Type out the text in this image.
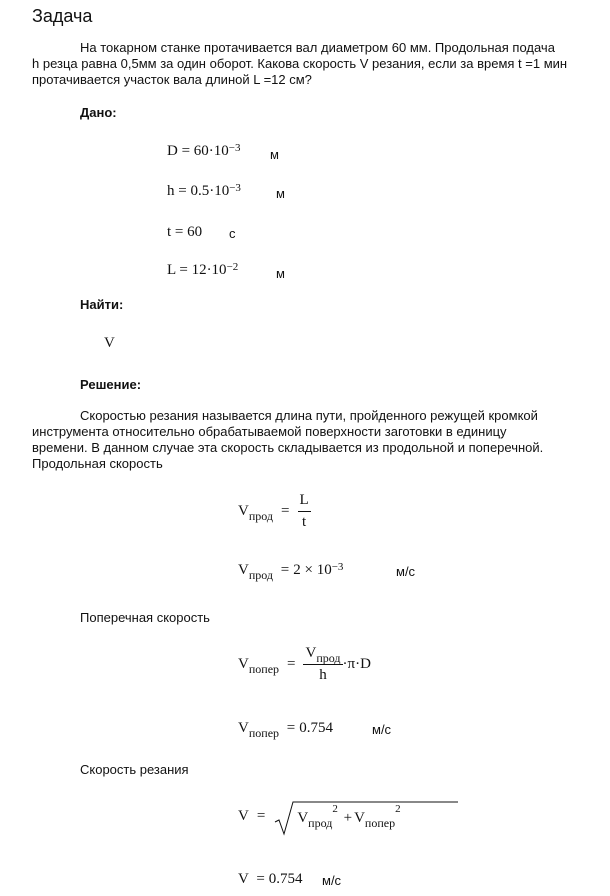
Задача
На токарном станке протачивается вал диаметром 60 мм. Продольная подача
h резца равна 0,5мм за один оборот. Какова скорость V резания, если за время t =1 мин
протачивается участок вала длиной L =12 см?
Дано:
$D = 60\cdot 10^{-3}$ м
$h = 0.5\cdot 10^{-3}$	м
t = 60 с
$L = 12\cdot 10^{-2}$	м
Найти:
V
Решение:
Скоростью резания называется длина пути, пройденного режущей кромкой
инструмента относительно обрабатываемой поверхности заготовки в единицу
времени. В данном случае эта скорость складывается из продольной и поперечной.
Продольная скорость
$V_{прод} = \frac{L}{t}$
$V_{прод} = 2 \times 10^{-3}$	м/с
Поперечная скорость
$V_{попер} = \frac{V_{прод}}{h} \cdot\pi\cdot D$
$V_{попер} = 0.754$	м/с
Скорость резания
V =	$V_{прод}^2 + V_{попер}^2$
V = 0.754 м/с
